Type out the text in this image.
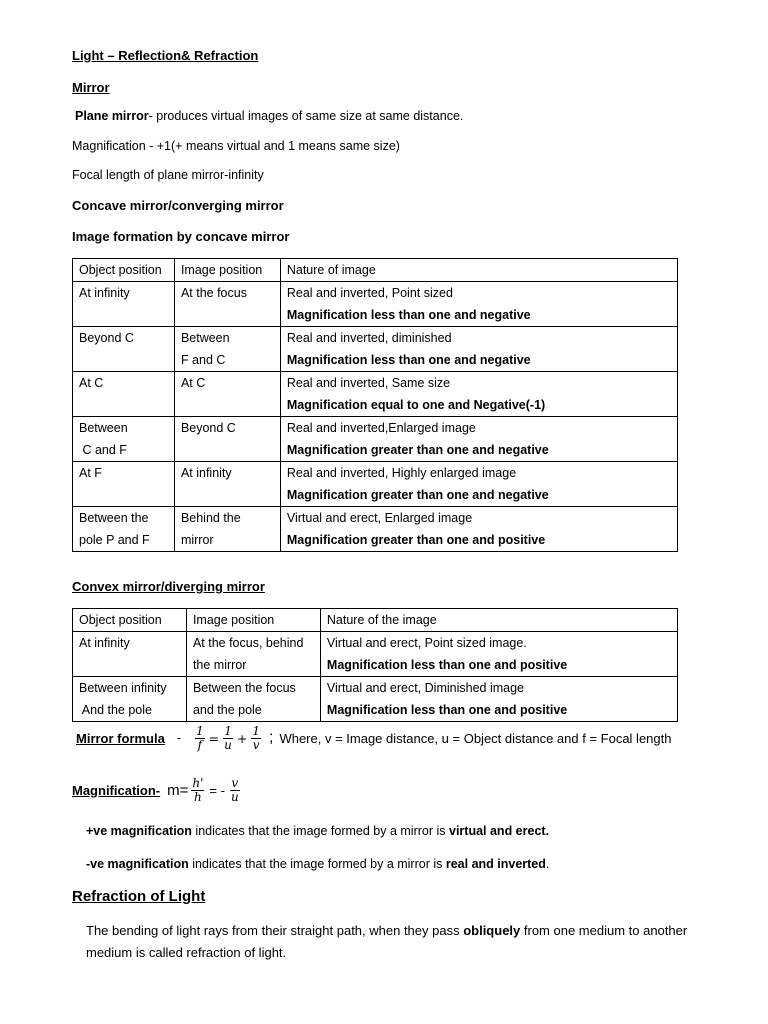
Light – Reflection& Refraction
Mirror
Plane mirror- produces virtual images of same size at same distance.
Magnification - +1(+ means virtual and 1 means same size)
Focal length of plane mirror-infinity
Concave mirror/converging mirror
Image formation by concave mirror
Object position	Image position	Nature of image

At infinity	At the focus	Real and inverted, Point sized
Magnification less than one and negative

Beyond C	Between
F and C	Real and inverted, diminished
Magnification less than one and negative

At C	At C	Real and inverted, Same size
Magnification equal to one and Negative(-1)

Between
C and F	Beyond C	Real and inverted,Enlarged image
Magnification greater than one and negative

At F	At infinity	Real and inverted, Highly enlarged image
Magnification greater than one and negative

Between the
pole P and F	Behind the
mirror	Virtual and erect, Enlarged image
Magnification greater than one and positive
Convex mirror/diverging mirror
Object position	Image position	Nature of the image

At infinity	At the focus, behind
the mirror	Virtual and erect, Point sized image.
Magnification less than one and positive

Between infinity
And the pole	Between the focus
and the pole	Virtual and erect, Diminished image
Magnification less than one and positive
Mirror formula - $\frac{1}{f} = \frac{1}{u} + \frac{1}{v}$ ; Where, v = Image distance, u = Object distance and f = Focal length
Magnification- $m= \frac{h'}{h}$ = - $\frac{v}{u}$
+ve magnification indicates that the image formed by a mirror is virtual and erect.
-ve magnification indicates that the image formed by a mirror is real and inverted.
Refraction of Light
The bending of light rays from their straight path, when they pass obliquely from one medium to another
medium is called refraction of light.
